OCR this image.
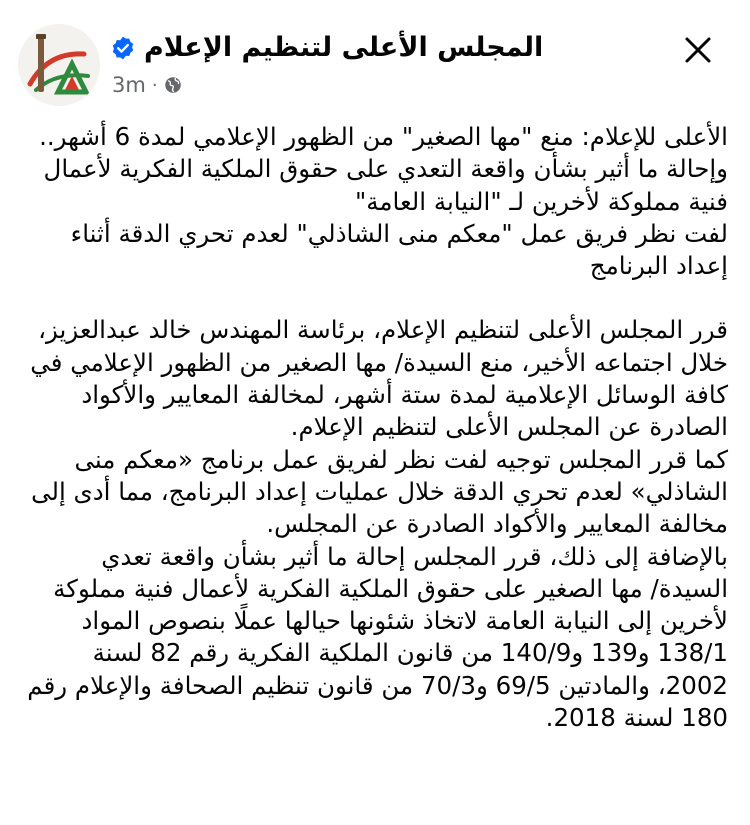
المجلس الأعلى لتنظيم الإعلام
3m ·

الأعلى للإعلام: منع "مها الصغير" من الظهور الإعلامي لمدة 6 أشهر.. وإحالة ما أثير بشأن واقعة التعدي على حقوق الملكية الفكرية لأعمال فنية مملوكة لأخرين لـ "النيابة العامة"

لفت نظر فريق عمل "معكم منى الشاذلي" لعدم تحري الدقة أثناء إعداد البرنامج

قرر المجلس الأعلى لتنظيم الإعلام، برئاسة المهندس خالد عبدالعزيز، خلال اجتماعه الأخير، منع السيدة/ مها الصغير من الظهور الإعلامي في كافة الوسائل الإعلامية لمدة ستة أشهر، لمخالفة المعايير والأكواد الصادرة عن المجلس الأعلى لتنظيم الإعلام.

كما قرر المجلس توجيه لفت نظر لفريق عمل برنامج «معكم منى الشاذلي» لعدم تحري الدقة خلال عمليات إعداد البرنامج، مما أدى إلى مخالفة المعايير والأكواد الصادرة عن المجلس.

بالإضافة إلى ذلك، قرر المجلس إحالة ما أثير بشأن واقعة تعدي السيدة/ مها الصغير على حقوق الملكية الفكرية لأعمال فنية مملوكة لأخرين إلى النيابة العامة لاتخاذ شئونها حيالها عملًا بنصوص المواد 138/1 و139 و140/9 من قانون الملكية الفكرية رقم 82 لسنة 2002، والمادتين 69/5 و70/3 من قانون تنظيم الصحافة والإعلام رقم 180 لسنة 2018.
